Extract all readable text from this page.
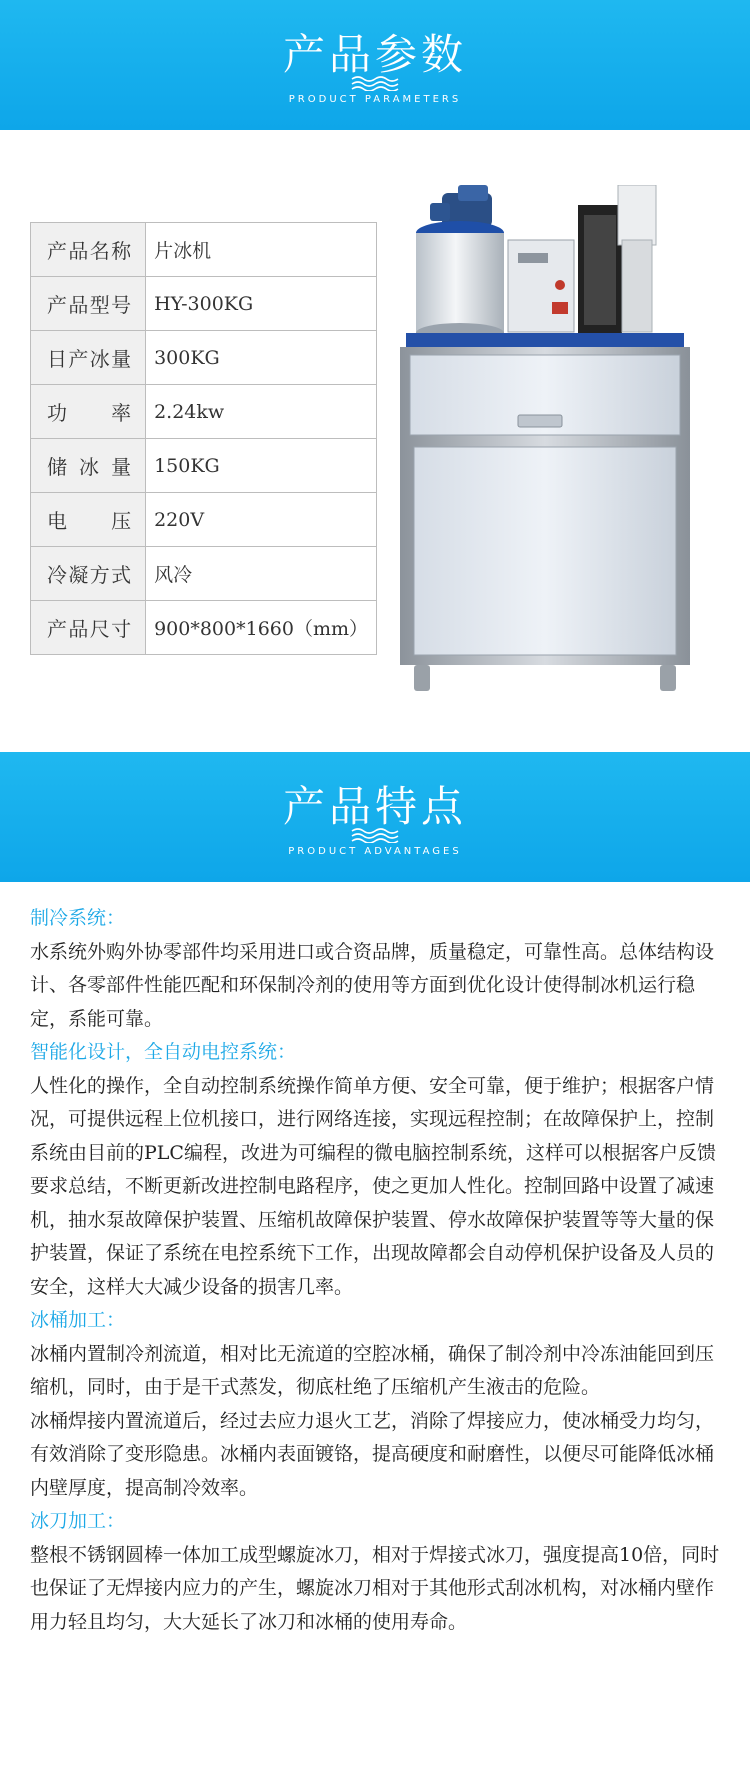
产品参数
PRODUCT PARAMETERS
产品名称	片冰机
产品型号	HY-300KG
日产冰量	300KG
功率	2.24kw
储冰量	150KG
电压	220V
冷凝方式	风冷
产品尺寸	900*800*1660（mm）
产品特点
PRODUCT ADVANTAGES
制冷系统：

水系统外购外协零部件均采用进口或合资品牌，质量稳定，可靠性高。总体结构设计、各零部件性能匹配和环保制冷剂的使用等方面到优化设计使得制冰机运行稳定，系能可靠。

智能化设计，全自动电控系统：

人性化的操作，全自动控制系统操作简单方便、安全可靠，便于维护；根据客户情况，可提供远程上位机接口，进行网络连接，实现远程控制；在故障保护上，控制系统由目前的PLC编程，改进为可编程的微电脑控制系统，这样可以根据客户反馈要求总结，不断更新改进控制电路程序，使之更加人性化。控制回路中设置了减速机，抽水泵故障保护装置、压缩机故障保护装置、停水故障保护装置等等大量的保护装置，保证了系统在电控系统下工作，出现故障都会自动停机保护设备及人员的安全，这样大大减少设备的损害几率。

冰桶加工：

冰桶内置制冷剂流道，相对比无流道的空腔冰桶，确保了制冷剂中冷冻油能回到压缩机，同时，由于是干式蒸发，彻底杜绝了压缩机产生液击的危险。

冰桶焊接内置流道后，经过去应力退火工艺，消除了焊接应力，使冰桶受力均匀，有效消除了变形隐患。冰桶内表面镀铬，提高硬度和耐磨性，以便尽可能降低冰桶内壁厚度，提高制冷效率。

冰刀加工：

整根不锈钢圆棒一体加工成型螺旋冰刀，相对于焊接式冰刀，强度提高10倍，同时也保证了无焊接内应力的产生，螺旋冰刀相对于其他形式刮冰机构，对冰桶内壁作用力轻且均匀，大大延长了冰刀和冰桶的使用寿命。
